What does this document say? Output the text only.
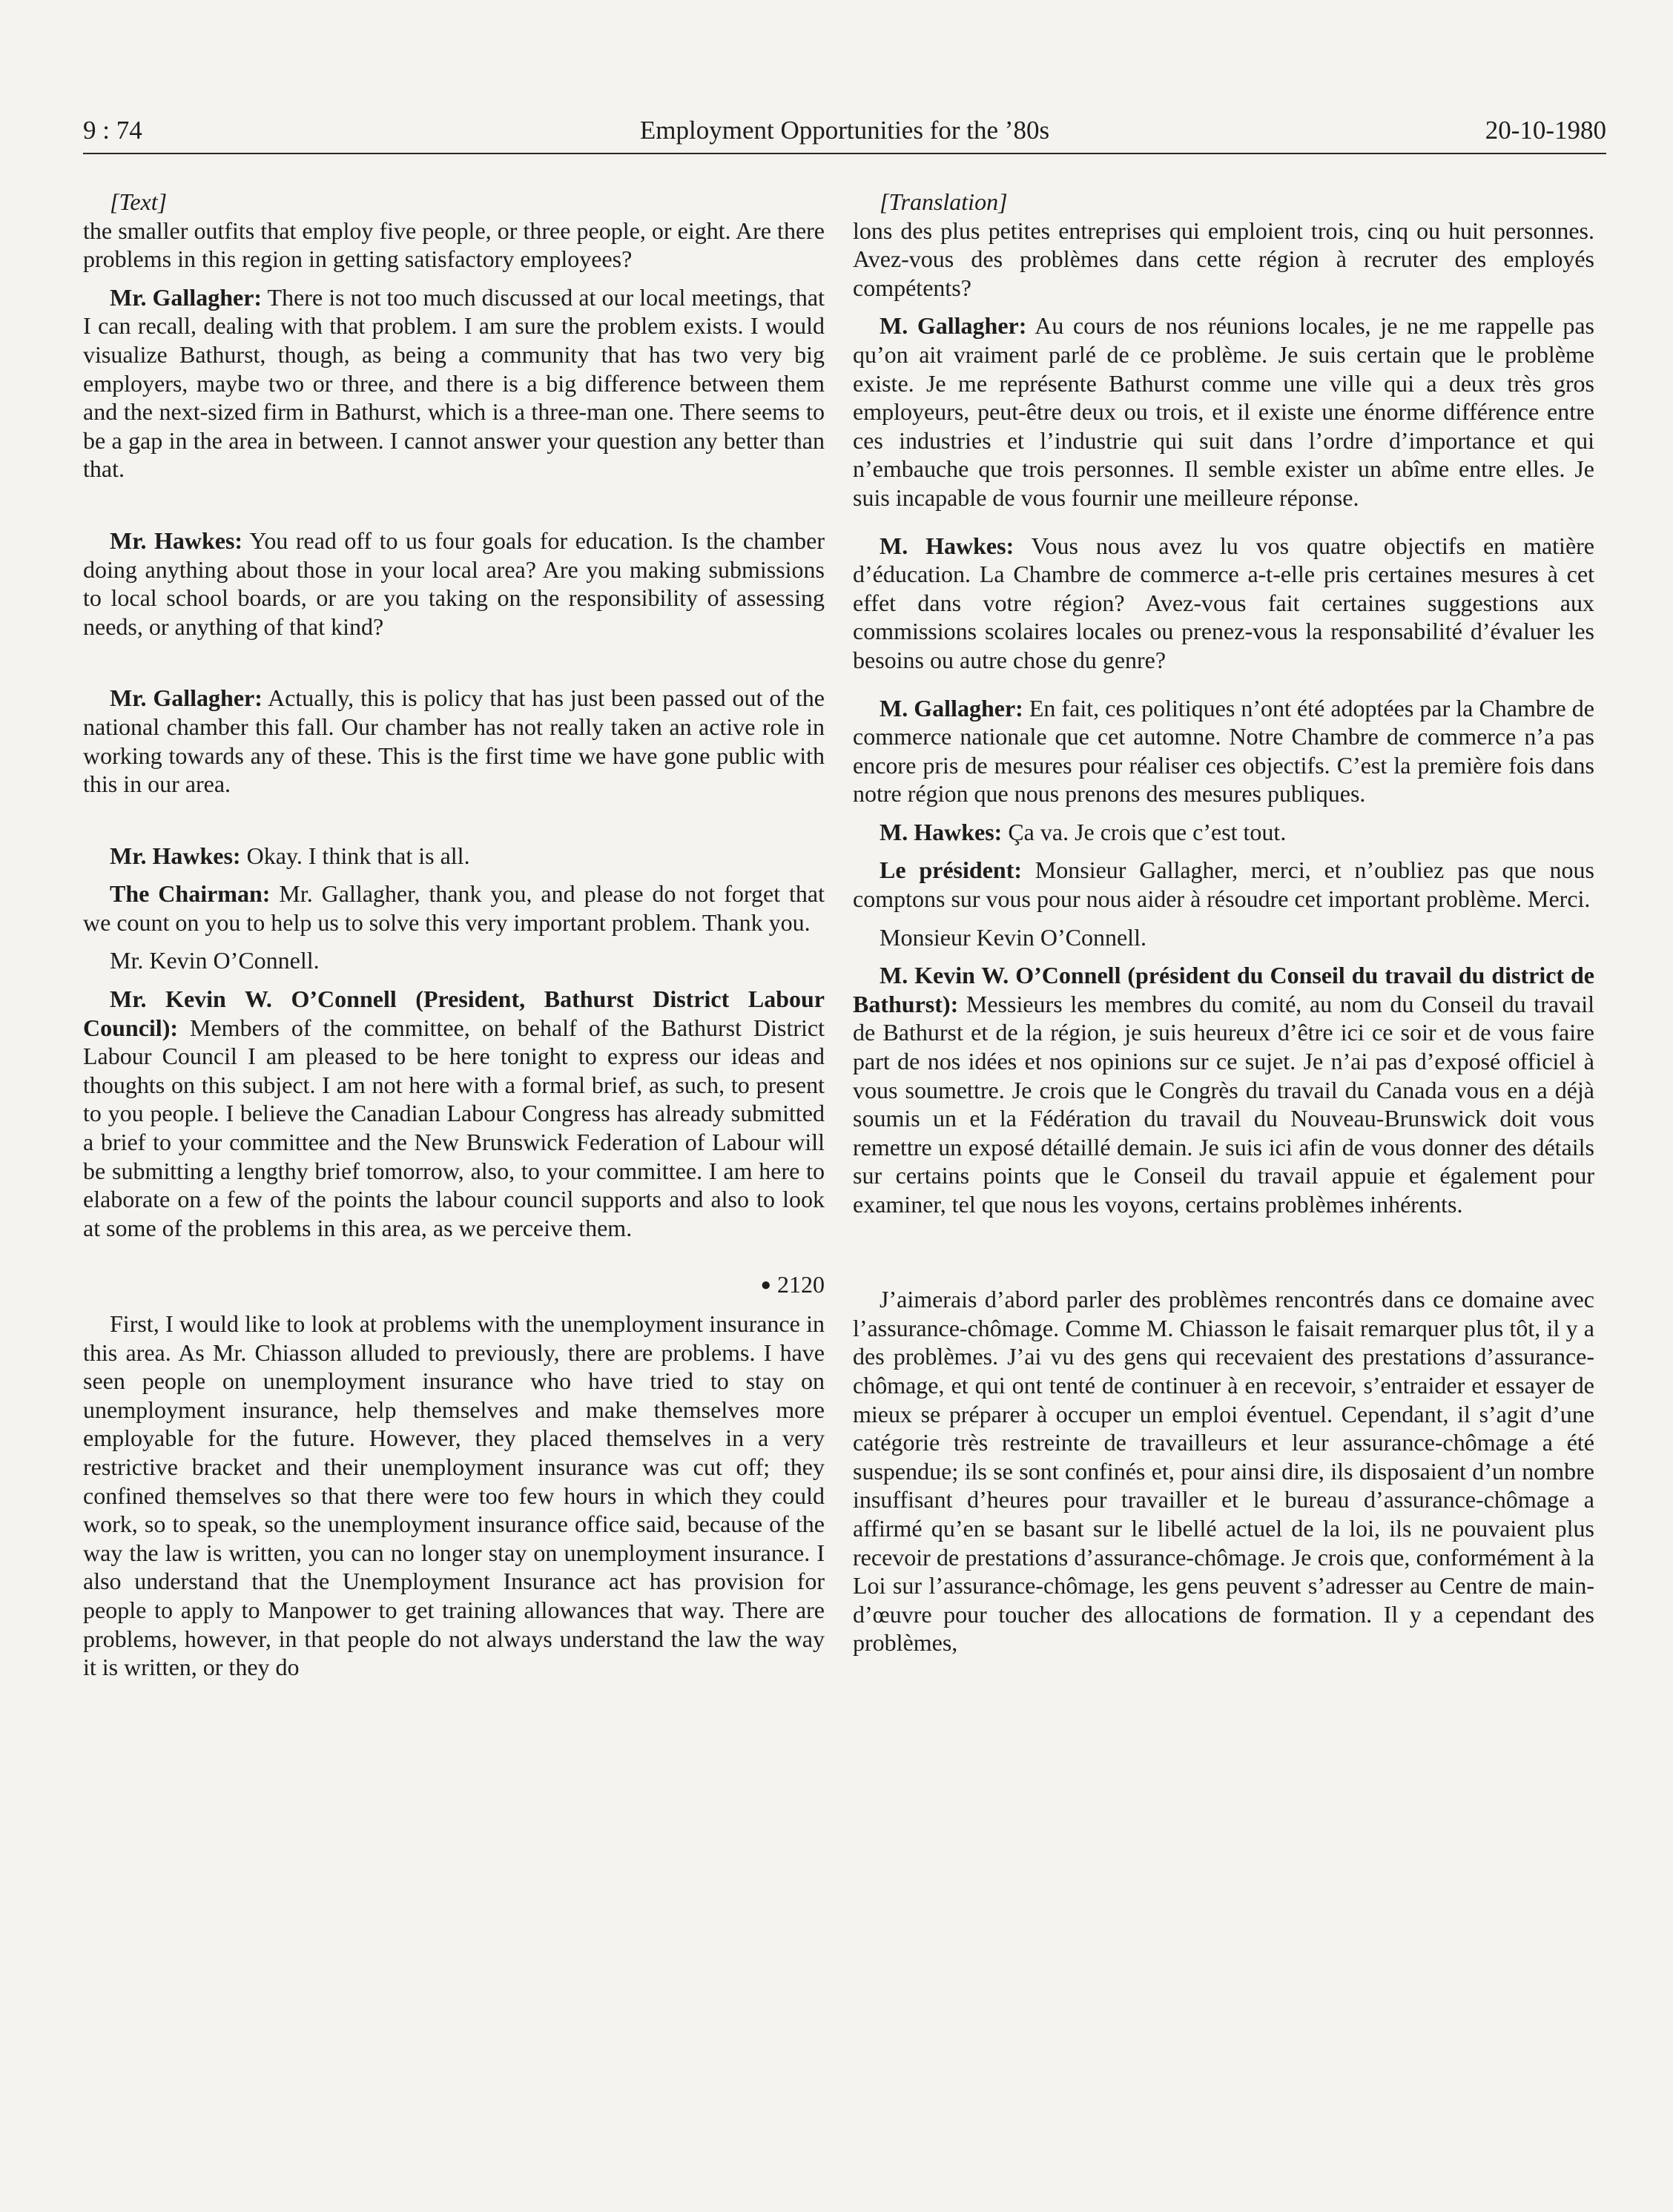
9 : 74	Employment Opportunities for the ’80s	20-10-1980

[Text]

the smaller outfits that employ five people, or three people, or eight. Are there problems in this region in getting satisfactory employees?

Mr. Gallagher: There is not too much discussed at our local meetings, that I can recall, dealing with that problem. I am sure the problem exists. I would visualize Bathurst, though, as being a community that has two very big employers, maybe two or three, and there is a big difference between them and the next-sized firm in Bathurst, which is a three-man one. There seems to be a gap in the area in between. I cannot answer your question any better than that.

Mr. Hawkes: You read off to us four goals for education. Is the chamber doing anything about those in your local area? Are you making submissions to local school boards, or are you taking on the responsibility of assessing needs, or anything of that kind?

Mr. Gallagher: Actually, this is policy that has just been passed out of the national chamber this fall. Our chamber has not really taken an active role in working towards any of these. This is the first time we have gone public with this in our area.

Mr. Hawkes: Okay. I think that is all.

The Chairman: Mr. Gallagher, thank you, and please do not forget that we count on you to help us to solve this very important problem. Thank you.

Mr. Kevin O’Connell.

Mr. Kevin W. O’Connell (President, Bathurst District Labour Council): Members of the committee, on behalf of the Bathurst District Labour Council I am pleased to be here tonight to express our ideas and thoughts on this subject. I am not here with a formal brief, as such, to present to you people. I believe the Canadian Labour Congress has already submitted a brief to your committee and the New Brunswick Federation of Labour will be submitting a lengthy brief tomorrow, also, to your committee. I am here to elaborate on a few of the points the labour council supports and also to look at some of the problems in this area, as we perceive them.

● 2120

First, I would like to look at problems with the unemployment insurance in this area. As Mr. Chiasson alluded to previously, there are problems. I have seen people on unemployment insurance who have tried to stay on unemployment insurance, help themselves and make themselves more employable for the future. However, they placed themselves in a very restrictive bracket and their unemployment insurance was cut off; they confined themselves so that there were too few hours in which they could work, so to speak, so the unemployment insurance office said, because of the way the law is written, you can no longer stay on unemployment insurance. I also understand that the Unemployment Insurance act has provision for people to apply to Manpower to get training allowances that way. There are problems, however, in that people do not always understand the law the way it is written, or they do

[Translation]

lons des plus petites entreprises qui emploient trois, cinq ou huit personnes. Avez-vous des problèmes dans cette région à recruter des employés compétents?

M. Gallagher: Au cours de nos réunions locales, je ne me rappelle pas qu’on ait vraiment parlé de ce problème. Je suis certain que le problème existe. Je me représente Bathurst comme une ville qui a deux très gros employeurs, peut-être deux ou trois, et il existe une énorme différence entre ces industries et l’industrie qui suit dans l’ordre d’importance et qui n’embauche que trois personnes. Il semble exister un abîme entre elles. Je suis incapable de vous fournir une meilleure réponse.

M. Hawkes: Vous nous avez lu vos quatre objectifs en matière d’éducation. La Chambre de commerce a-t-elle pris certaines mesures à cet effet dans votre région? Avez-vous fait certaines suggestions aux commissions scolaires locales ou prenez-vous la responsabilité d’évaluer les besoins ou autre chose du genre?

M. Gallagher: En fait, ces politiques n’ont été adoptées par la Chambre de commerce nationale que cet automne. Notre Chambre de commerce n’a pas encore pris de mesures pour réaliser ces objectifs. C’est la première fois dans notre région que nous prenons des mesures publiques.

M. Hawkes: Ça va. Je crois que c’est tout.

Le président: Monsieur Gallagher, merci, et n’oubliez pas que nous comptons sur vous pour nous aider à résoudre cet important problème. Merci.

Monsieur Kevin O’Connell.

M. Kevin W. O’Connell (président du Conseil du travail du district de Bathurst): Messieurs les membres du comité, au nom du Conseil du travail de Bathurst et de la région, je suis heureux d’être ici ce soir et de vous faire part de nos idées et nos opinions sur ce sujet. Je n’ai pas d’exposé officiel à vous soumettre. Je crois que le Congrès du travail du Canada vous en a déjà soumis un et la Fédération du travail du Nouveau-Brunswick doit vous remettre un exposé détaillé demain. Je suis ici afin de vous donner des détails sur certains points que le Conseil du travail appuie et également pour examiner, tel que nous les voyons, certains problèmes inhérents.

J’aimerais d’abord parler des problèmes rencontrés dans ce domaine avec l’assurance-chômage. Comme M. Chiasson le faisait remarquer plus tôt, il y a des problèmes. J’ai vu des gens qui recevaient des prestations d’assurance-chômage, et qui ont tenté de continuer à en recevoir, s’entraider et essayer de mieux se préparer à occuper un emploi éventuel. Cependant, il s’agit d’une catégorie très restreinte de travailleurs et leur assurance-chômage a été suspendue; ils se sont confinés et, pour ainsi dire, ils disposaient d’un nombre insuffisant d’heures pour travailler et le bureau d’assurance-chômage a affirmé qu’en se basant sur le libellé actuel de la loi, ils ne pouvaient plus recevoir de prestations d’assurance-chômage. Je crois que, conformément à la Loi sur l’assurance-chômage, les gens peuvent s’adresser au Centre de main-d’œuvre pour toucher des allocations de formation. Il y a cependant des problèmes,
